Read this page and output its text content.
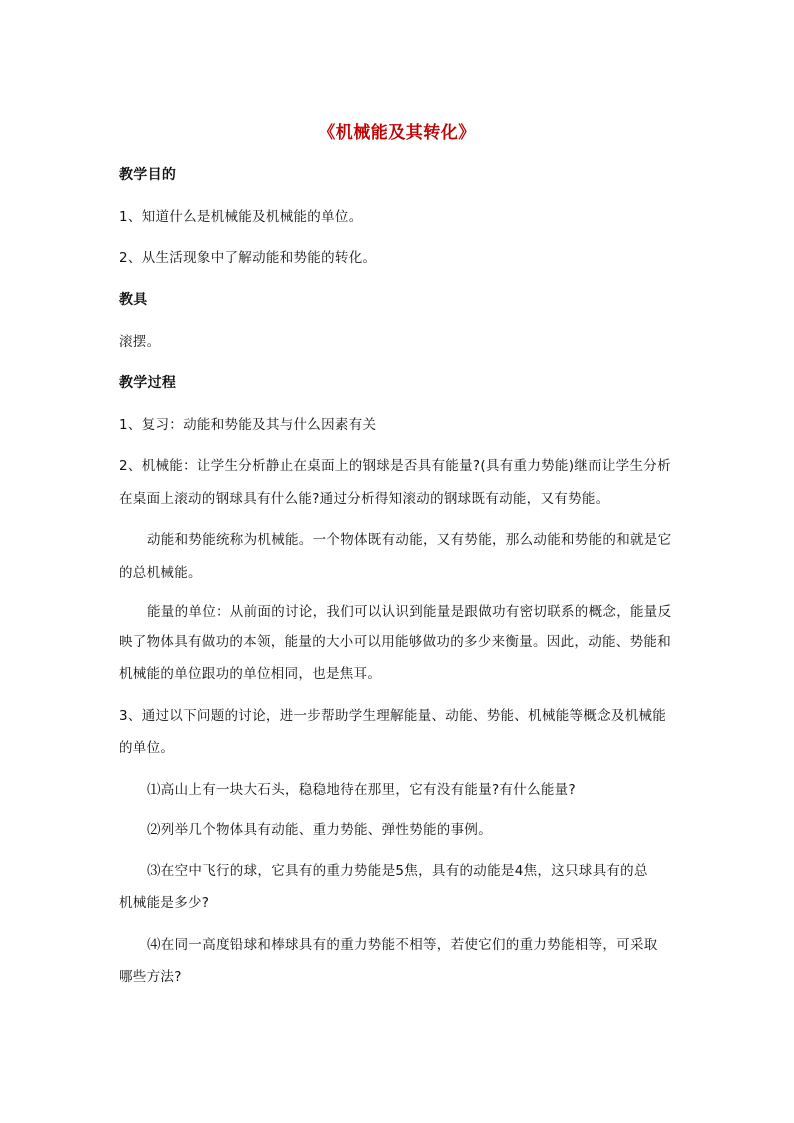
《机械能及其转化》
教学目的
1、知道什么是机械能及机械能的单位。
2、从生活现象中了解动能和势能的转化。
教具
滚摆。
教学过程
1、复习：动能和势能及其与什么因素有关
2、机械能：让学生分析静止在桌面上的钢球是否具有能量?(具有重力势能)继而让学生分析
在桌面上滚动的钢球具有什么能?通过分析得知滚动的钢球既有动能，又有势能。
动能和势能统称为机械能。一个物体既有动能，又有势能，那么动能和势能的和就是它
的总机械能。
能量的单位：从前面的讨论，我们可以认识到能量是跟做功有密切联系的概念，能量反
映了物体具有做功的本领，能量的大小可以用能够做功的多少来衡量。因此，动能、势能和
机械能的单位跟功的单位相同，也是焦耳。
3、通过以下问题的讨论，进一步帮助学生理解能量、动能、势能、机械能等概念及机械能
的单位。
⑴高山上有一块大石头，稳稳地待在那里，它有没有能量?有什么能量?
⑵列举几个物体具有动能、重力势能、弹性势能的事例。
⑶在空中飞行的球，它具有的重力势能是5焦，具有的动能是4焦，这只球具有的总
机械能是多少?
⑷在同一高度铅球和棒球具有的重力势能不相等，若使它们的重力势能相等，可采取
哪些方法?
